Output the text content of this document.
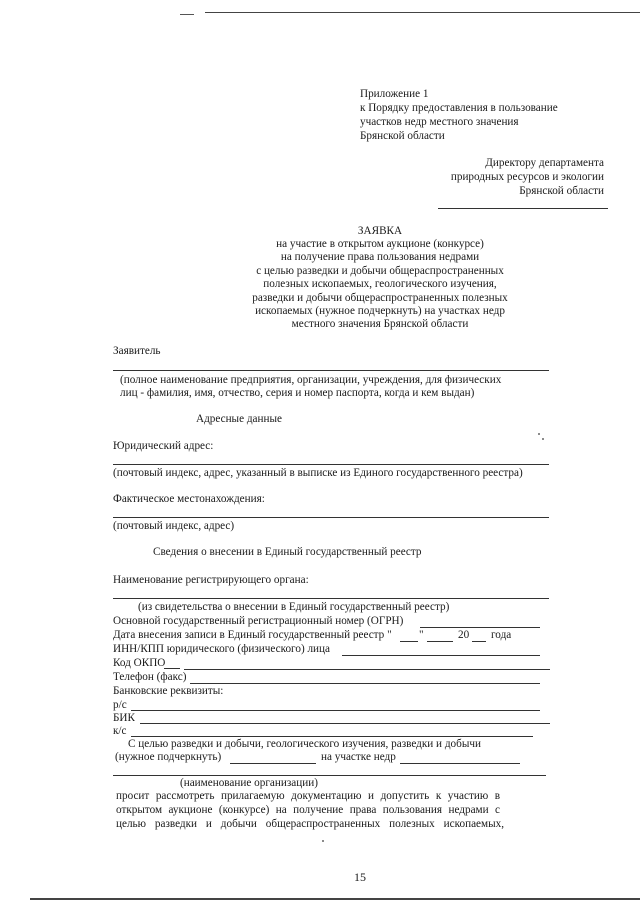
Приложение 1
к Порядку предоставления в пользование
участков недр местного значения
Брянской области
Директору департамента
природных ресурсов и экологии
Брянской области
ЗАЯВКА
на участие в открытом аукционе (конкурсе)
на получение права пользования недрами
с целью разведки и добычи общераспространенных
полезных ископаемых, геологического изучения,
разведки и добычи общераспространенных полезных
ископаемых (нужное подчеркнуть) на участках недр
местного значения Брянской области
Заявитель
(полное наименование предприятия, организации, учреждения, для физических
лиц - фамилия, имя, отчество, серия и номер паспорта, когда и кем выдан)
Адресные данные
Юридический адрес:
(почтовый индекс, адрес, указанный в выписке из Единого государственного реестра)
Фактическое местонахождения:
(почтовый индекс, адрес)
Сведения о внесении в Единый государственный реестр
Наименование регистрирующего органа:
(из свидетельства о внесении в Единый государственный реестр)
Основной государственный регистрационный номер (ОГРН)
Дата внесения записи в Единый государственный реестр " "	20 года
ИНН/КПП юридического (физического) лица
Код ОКПО
Телефон (факс)
Банковские реквизиты:
р/с
БИК
к/с
С целью разведки и добычи, геологического изучения, разведки и добычи
(нужное подчеркнуть)	на участке недр
(наименование организации)
просит рассмотреть прилагаемую документацию и допустить к участию в
открытом аукционе (конкурсе) на получение права пользования недрами с
целью разведки и добычи общераспространенных полезных ископаемых,
15
